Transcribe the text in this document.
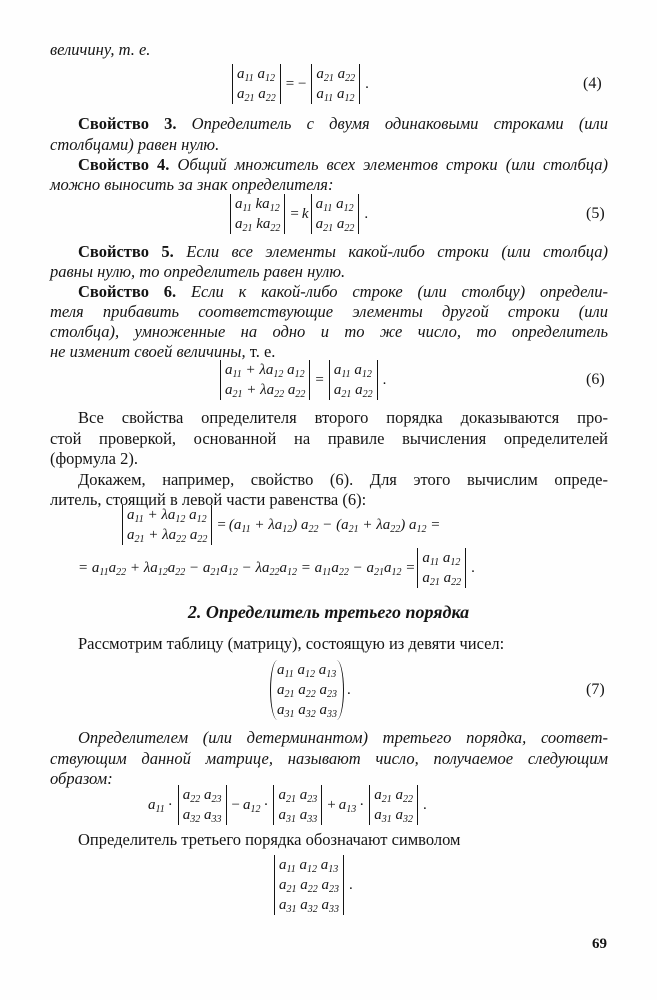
величину, т. е.
$a_{11}$ $a_{12}$
$a_{21}$ $a_{22}$
= −
$a_{21}$ $a_{22}$
$a_{11}$ $a_{12}$
.	(4)
Свойство 3. Определитель с двумя одинаковыми строками (или
столбцами) равен нулю.
Свойство 4. Общий множитель всех элементов строки (или столбца)
можно выносить за знак определителя:
$a_{11}$ $ka_{12}$
$a_{21}$ $ka_{22}$
= k
$a_{11}$ $a_{12}$
$a_{21}$ $a_{22}$
.	(5)
Свойство 5. Если все элементы какой-либо строки (или столбца)
равны нулю, то определитель равен нулю.
Свойство 6. Если к какой-либо строке (или столбцу) определи-
теля прибавить соответствующие элементы другой строки (или
столбца), умноженные на одно и то же число, то определитель
не изменит своей величины, т. е.
$a_{11} + \lambda a_{12}$ $a_{12}$
$a_{21} + \lambda a_{22}$ $a_{22}$
=
$a_{11}$ $a_{12}$
$a_{21}$ $a_{22}$
.	(6)
Все свойства определителя второго порядка доказываются про-
стой проверкой, основанной на правиле вычисления определителей
(формула 2).
Докажем, например, свойство (6). Для этого вычислим опреде-
литель, стоящий в левой части равенства (6):
$a_{11} + \lambda a_{12}$ $a_{12}$
$a_{21} + \lambda a_{22}$ $a_{22}$
= $(a_{11} + \lambda a_{12}) a_{22} - (a_{21} + \lambda a_{22}) a_{12}$ =
= $a_{11}a_{22} + \lambda a_{12}a_{22} - a_{21}a_{12} - \lambda a_{22}a_{12} = a_{11}a_{22} - a_{21}a_{12}$ =
$a_{11}$ $a_{12}$
$a_{21}$ $a_{22}$
.
2. Определитель третьего порядка
Рассмотрим таблицу (матрицу), состоящую из девяти чисел:
$a_{11}$ $a_{12}$ $a_{13}$
$a_{21}$ $a_{22}$ $a_{23}$
$a_{31}$ $a_{32}$ $a_{33}$
.	(7)
Определителем (или детерминантом) третьего порядка, соответ-
ствующим данной матрице, называют число, получаемое следующим
образом:
$a_{11}$ ·
$a_{22}$ $a_{23}$
$a_{32}$ $a_{33}$
− $a_{12}$ ·
$a_{21}$ $a_{23}$
$a_{31}$ $a_{33}$
+ $a_{13}$ ·
$a_{21}$ $a_{22}$
$a_{31}$ $a_{32}$
.
Определитель третьего порядка обозначают символом
$a_{11}$ $a_{12}$ $a_{13}$
$a_{21}$ $a_{22}$ $a_{23}$
$a_{31}$ $a_{32}$ $a_{33}$
.
69
